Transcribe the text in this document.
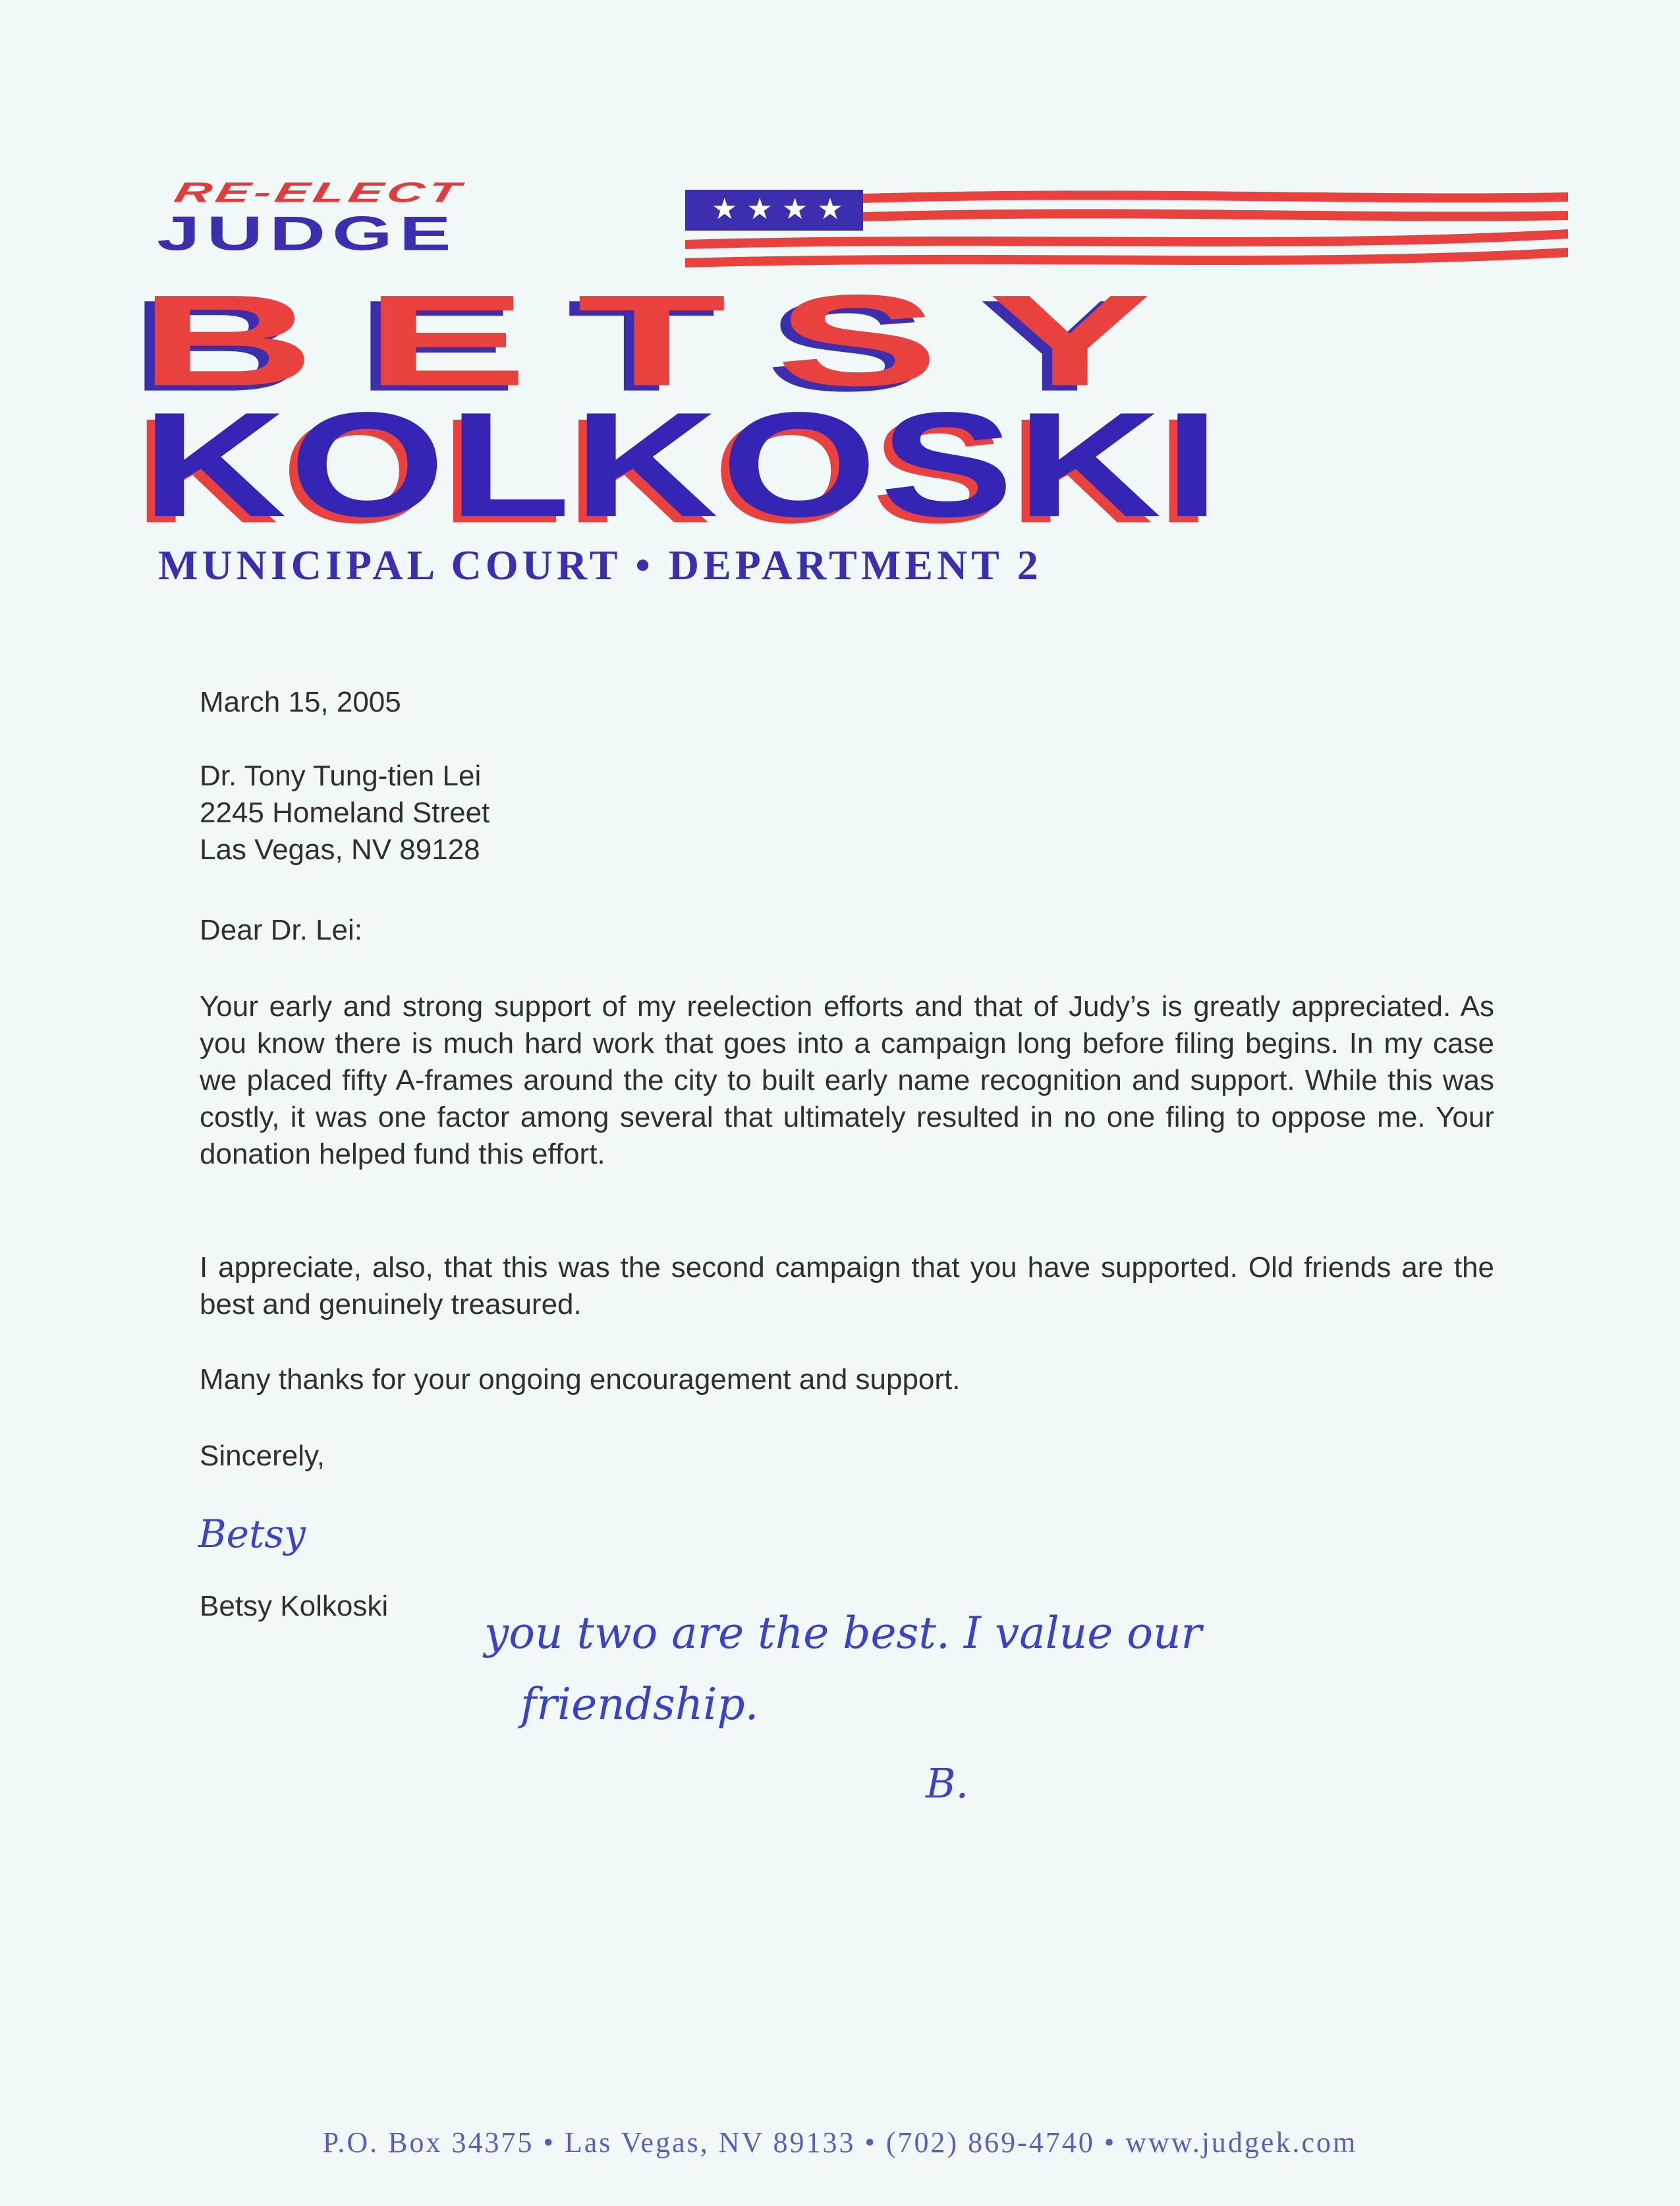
★ ★ ★ ★
RE-ELECT
JUDGE
BETSY
KOLKOSKI
MUNICIPAL COURT • DEPARTMENT 2
March 15, 2005
Dr. Tony Tung-tien Lei
2245 Homeland Street
Las Vegas, NV 89128
Dear Dr. Lei:
Your early and strong support of my reelection efforts and that of Judy’s is greatly appreciated. As you know there is much hard work that goes into a campaign long before filing begins. In my case we placed fifty A-frames around the city to built early name recognition and support. While this was costly, it was one factor among several that ultimately resulted in no one filing to oppose me. Your donation helped fund this effort.
I appreciate, also, that this was the second campaign that you have supported. Old friends are the best and genuinely treasured.
Many thanks for your ongoing encouragement and support.
Sincerely,
Betsy
Betsy Kolkoski
you two are the best. I value our
friendship.
B.
P.O. Box 34375 • Las Vegas, NV 89133 • (702) 869-4740 • www.judgek.com
